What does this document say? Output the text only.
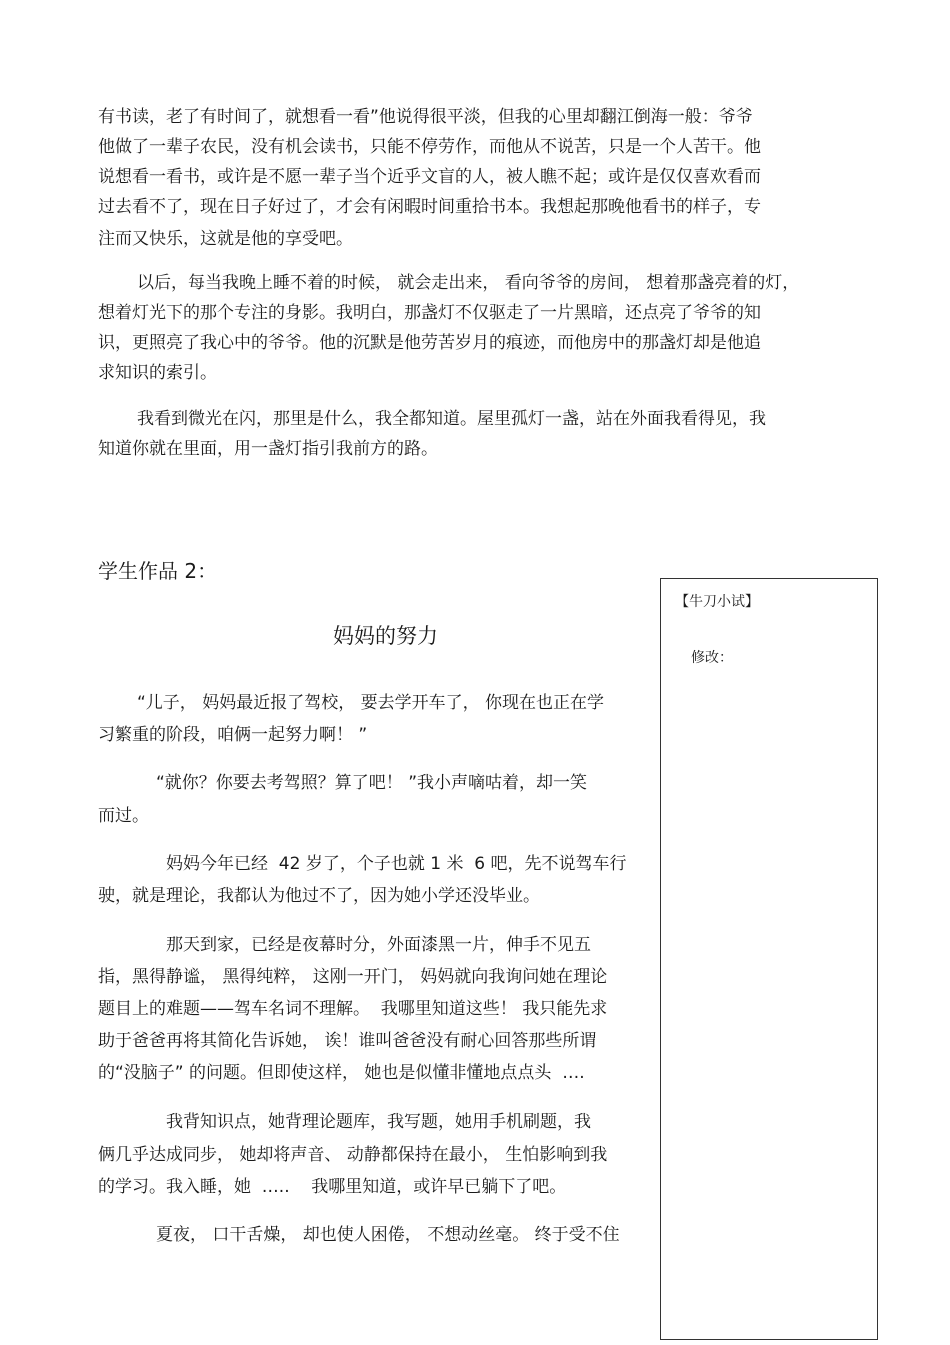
有书读，老了有时间了，就想看一看”他说得很平淡，但我的心里却翻江倒海一般：爷爷

他做了一辈子农民，没有机会读书，只能不停劳作，而他从不说苦，只是一个人苦干。他

说想看一看书，或许是不愿一辈子当个近乎文盲的人，被人瞧不起；或许是仅仅喜欢看而

过去看不了，现在日子好过了，才会有闲暇时间重拾书本。我想起那晚他看书的样子，专

注而又快乐，这就是他的享受吧。

以后，每当我晚上睡不着的时候， 就会走出来， 看向爷爷的房间， 想着那盏亮着的灯，

想着灯光下的那个专注的身影。我明白，那盏灯不仅驱走了一片黑暗，还点亮了爷爷的知

识，更照亮了我心中的爷爷。他的沉默是他劳苦岁月的痕迹，而他房中的那盏灯却是他追

求知识的索引。

我看到微光在闪，那里是什么，我全都知道。屋里孤灯一盏，站在外面我看得见，我

知道你就在里面，用一盏灯指引我前方的路。

学生作品 2：
妈妈的努力

“儿子， 妈妈最近报了驾校， 要去学开车了， 你现在也正在学

习繁重的阶段，咱俩一起努力啊！ ”

“就你？你要去考驾照？算了吧！ ”我小声嘀咕着，却一笑

而过。

妈妈今年已经  42 岁了，个子也就 1 米  6 吧，先不说驾车行

驶，就是理论，我都认为他过不了，因为她小学还没毕业。

那天到家，已经是夜幕时分，外面漆黑一片，伸手不见五

指，黑得静谧， 黑得纯粹， 这刚一开门， 妈妈就向我询问她在理论

题目上的难题——驾车名词不理解。  我哪里知道这些！ 我只能先求

助于爸爸再将其简化告诉她， 诶！谁叫爸爸没有耐心回答那些所谓

的“没脑子” 的问题。但即使这样， 她也是似懂非懂地点点头  ….

我背知识点，她背理论题库，我写题，她用手机刷题，我

俩几乎达成同步， 她却将声音、 动静都保持在最小， 生怕影响到我

的学习。我入睡，她  …..    我哪里知道，或许早已躺下了吧。

夏夜， 口干舌燥， 却也使人困倦， 不想动丝毫。 终于受不住

【牛刀小试】
修改：
